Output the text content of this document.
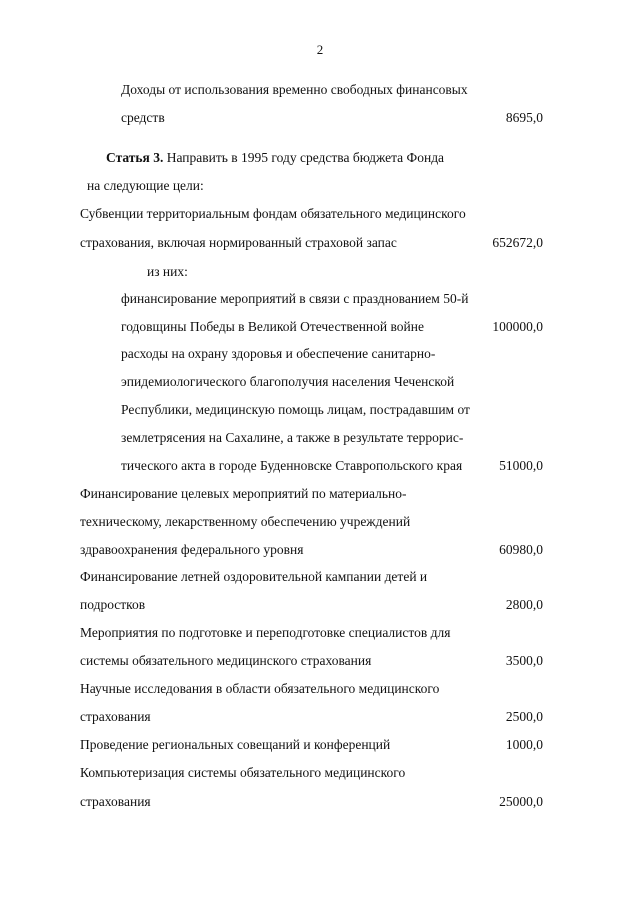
2
Доходы от использования временно свободных финансовых
средств	8695,0
Статья 3. Направить в 1995 году средства бюджета Фонда
на следующие цели:
Субвенции территориальным фондам обязательного медицинского
страхования, включая нормированный страховой запас	652672,0
из них:
финансирование мероприятий в связи с празднованием 50-й
годовщины Победы в Великой Отечественной войне	100000,0
расходы на охрану здоровья и обеспечение санитарно-
эпидемиологического благополучия населения Чеченской
Республики, медицинскую помощь лицам, пострадавшим от
землетрясения на Сахалине, а также в результате террорис-
тического акта в городе Буденновске Ставропольского края	51000,0
Финансирование целевых мероприятий по материально-
техническому, лекарственному обеспечению учреждений
здравоохранения федерального уровня	60980,0
Финансирование летней оздоровительной кампании детей и
подростков	2800,0
Мероприятия по подготовке и переподготовке специалистов для
системы обязательного медицинского страхования	3500,0
Научные исследования в области обязательного медицинского
страхования	2500,0
Проведение региональных совещаний и конференций	1000,0
Компьютеризация системы обязательного медицинского
страхования	25000,0
